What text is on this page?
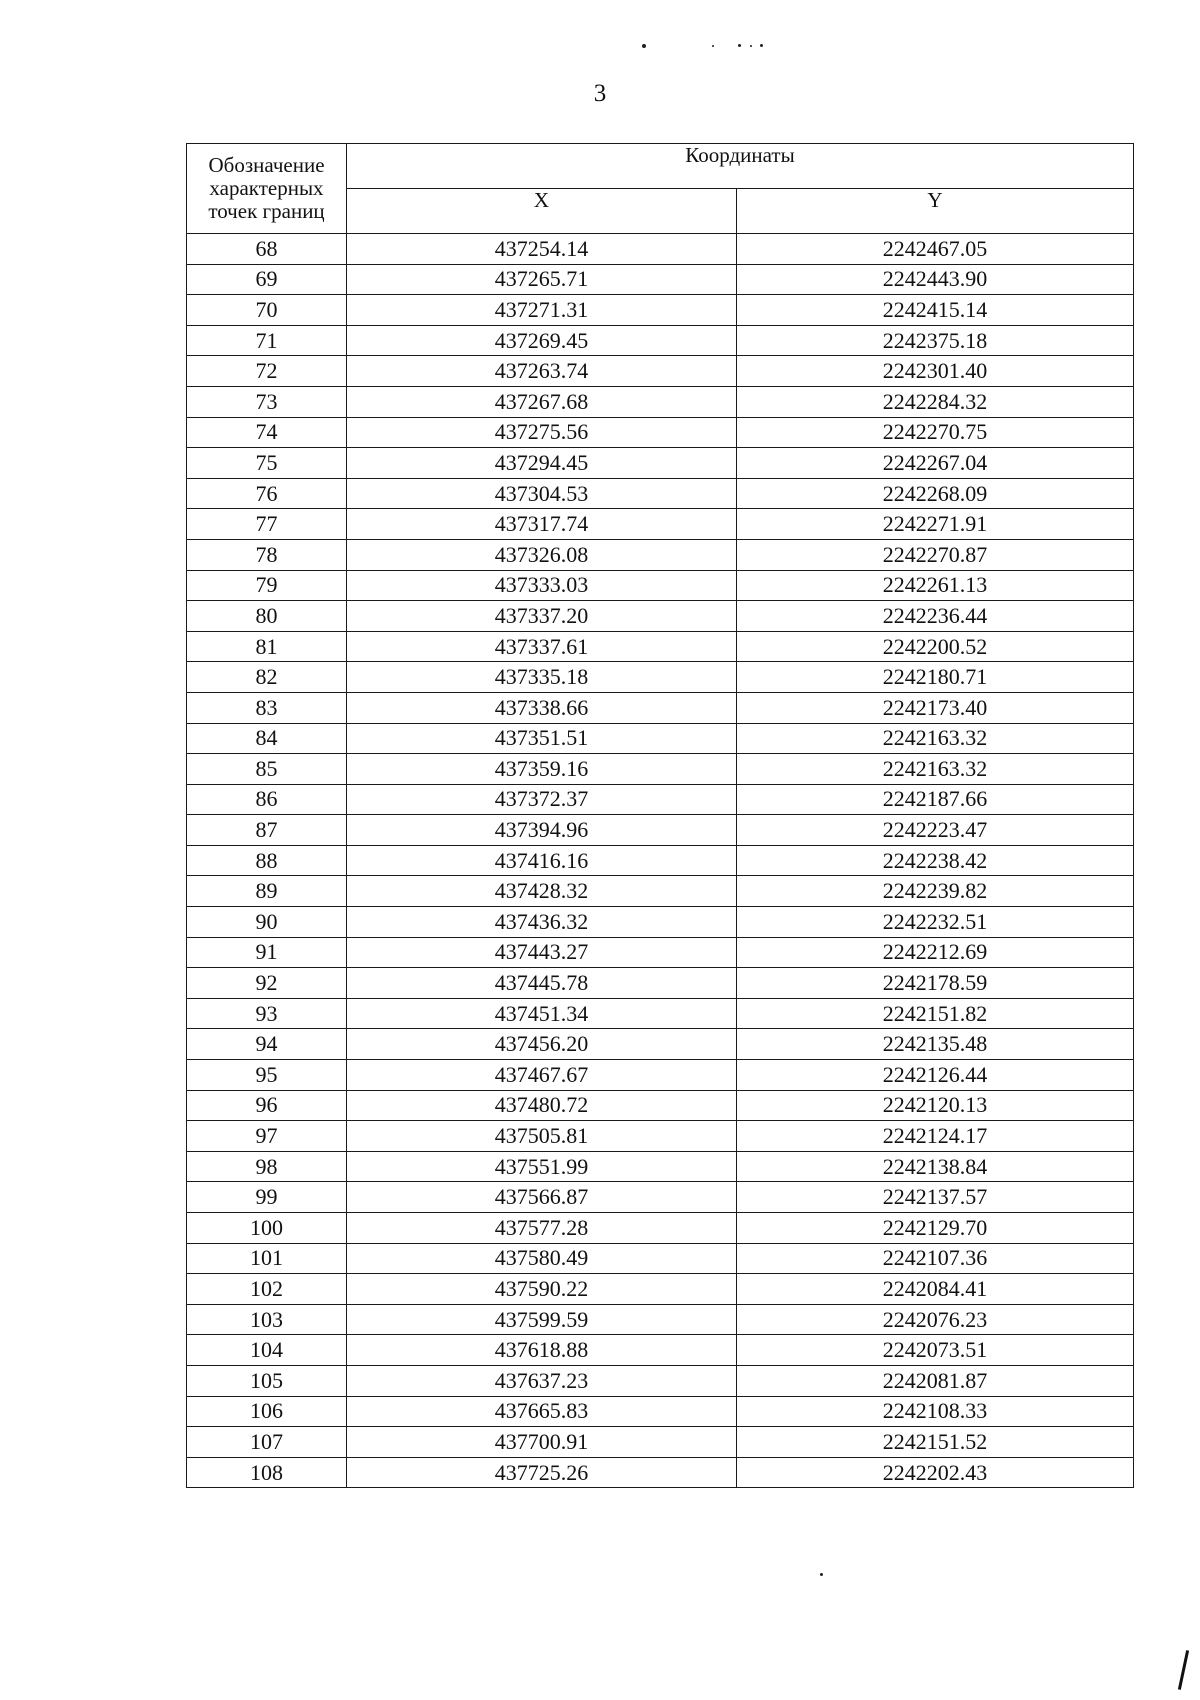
3
Обозначение характерных точек границ	Координаты	
	X	Y
68	437254.14	2242467.05
69	437265.71	2242443.90
70	437271.31	2242415.14
71	437269.45	2242375.18
72	437263.74	2242301.40
73	437267.68	2242284.32
74	437275.56	2242270.75
75	437294.45	2242267.04
76	437304.53	2242268.09
77	437317.74	2242271.91
78	437326.08	2242270.87
79	437333.03	2242261.13
80	437337.20	2242236.44
81	437337.61	2242200.52
82	437335.18	2242180.71
83	437338.66	2242173.40
84	437351.51	2242163.32
85	437359.16	2242163.32
86	437372.37	2242187.66
87	437394.96	2242223.47
88	437416.16	2242238.42
89	437428.32	2242239.82
90	437436.32	2242232.51
91	437443.27	2242212.69
92	437445.78	2242178.59
93	437451.34	2242151.82
94	437456.20	2242135.48
95	437467.67	2242126.44
96	437480.72	2242120.13
97	437505.81	2242124.17
98	437551.99	2242138.84
99	437566.87	2242137.57
100	437577.28	2242129.70
101	437580.49	2242107.36
102	437590.22	2242084.41
103	437599.59	2242076.23
104	437618.88	2242073.51
105	437637.23	2242081.87
106	437665.83	2242108.33
107	437700.91	2242151.52
108	437725.26	2242202.43
